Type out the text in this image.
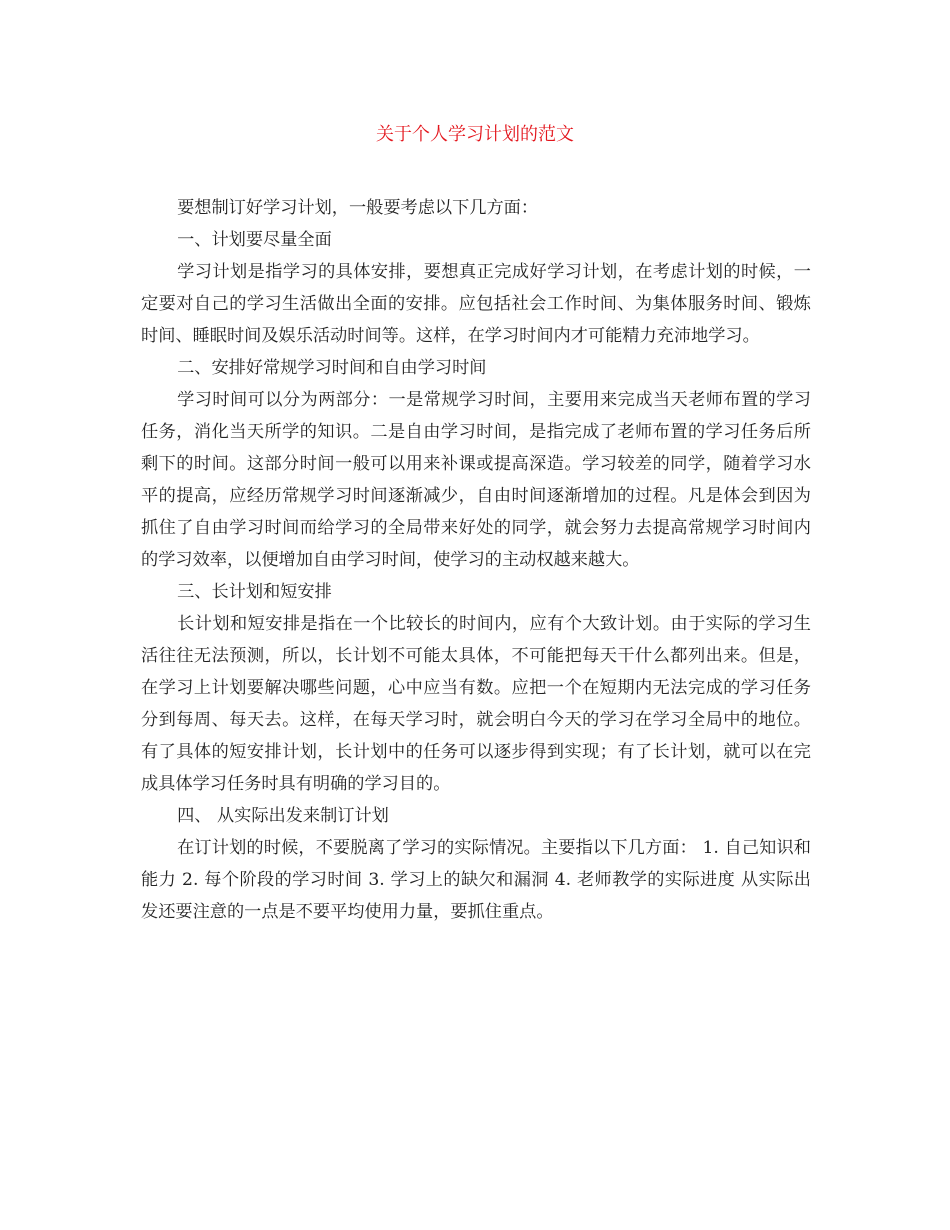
关于个人学习计划的范文

要想制订好学习计划，一般要考虑以下几方面：

一、计划要尽量全面

学习计划是指学习的具体安排，要想真正完成好学习计划，在考虑计划的时候，一定要对自己的学习生活做出全面的安排。应包括社会工作时间、为集体服务时间、锻炼时间、睡眠时间及娱乐活动时间等。这样，在学习时间内才可能精力充沛地学习。

二、安排好常规学习时间和自由学习时间

学习时间可以分为两部分：一是常规学习时间，主要用来完成当天老师布置的学习任务，消化当天所学的知识。二是自由学习时间，是指完成了老师布置的学习任务后所剩下的时间。这部分时间一般可以用来补课或提高深造。学习较差的同学，随着学习水平的提高，应经历常规学习时间逐渐减少，自由时间逐渐增加的过程。凡是体会到因为抓住了自由学习时间而给学习的全局带来好处的同学，就会努力去提高常规学习时间内的学习效率，以便增加自由学习时间，使学习的主动权越来越大。

三、长计划和短安排

长计划和短安排是指在一个比较长的时间内，应有个大致计划。由于实际的学习生活往往无法预测，所以，长计划不可能太具体，不可能把每天干什么都列出来。但是，在学习上计划要解决哪些问题，心中应当有数。应把一个在短期内无法完成的学习任务分到每周、每天去。这样，在每天学习时，就会明白今天的学习在学习全局中的地位。有了具体的短安排计划，长计划中的任务可以逐步得到实现；有了长计划，就可以在完成具体学习任务时具有明确的学习目的。

四、 从实际出发来制订计划

在订计划的时候，不要脱离了学习的实际情况。主要指以下几方面： 1. 自己知识和能力 2. 每个阶段的学习时间 3. 学习上的缺欠和漏洞 4. 老师教学的实际进度 从实际出发还要注意的一点是不要平均使用力量，要抓住重点。
